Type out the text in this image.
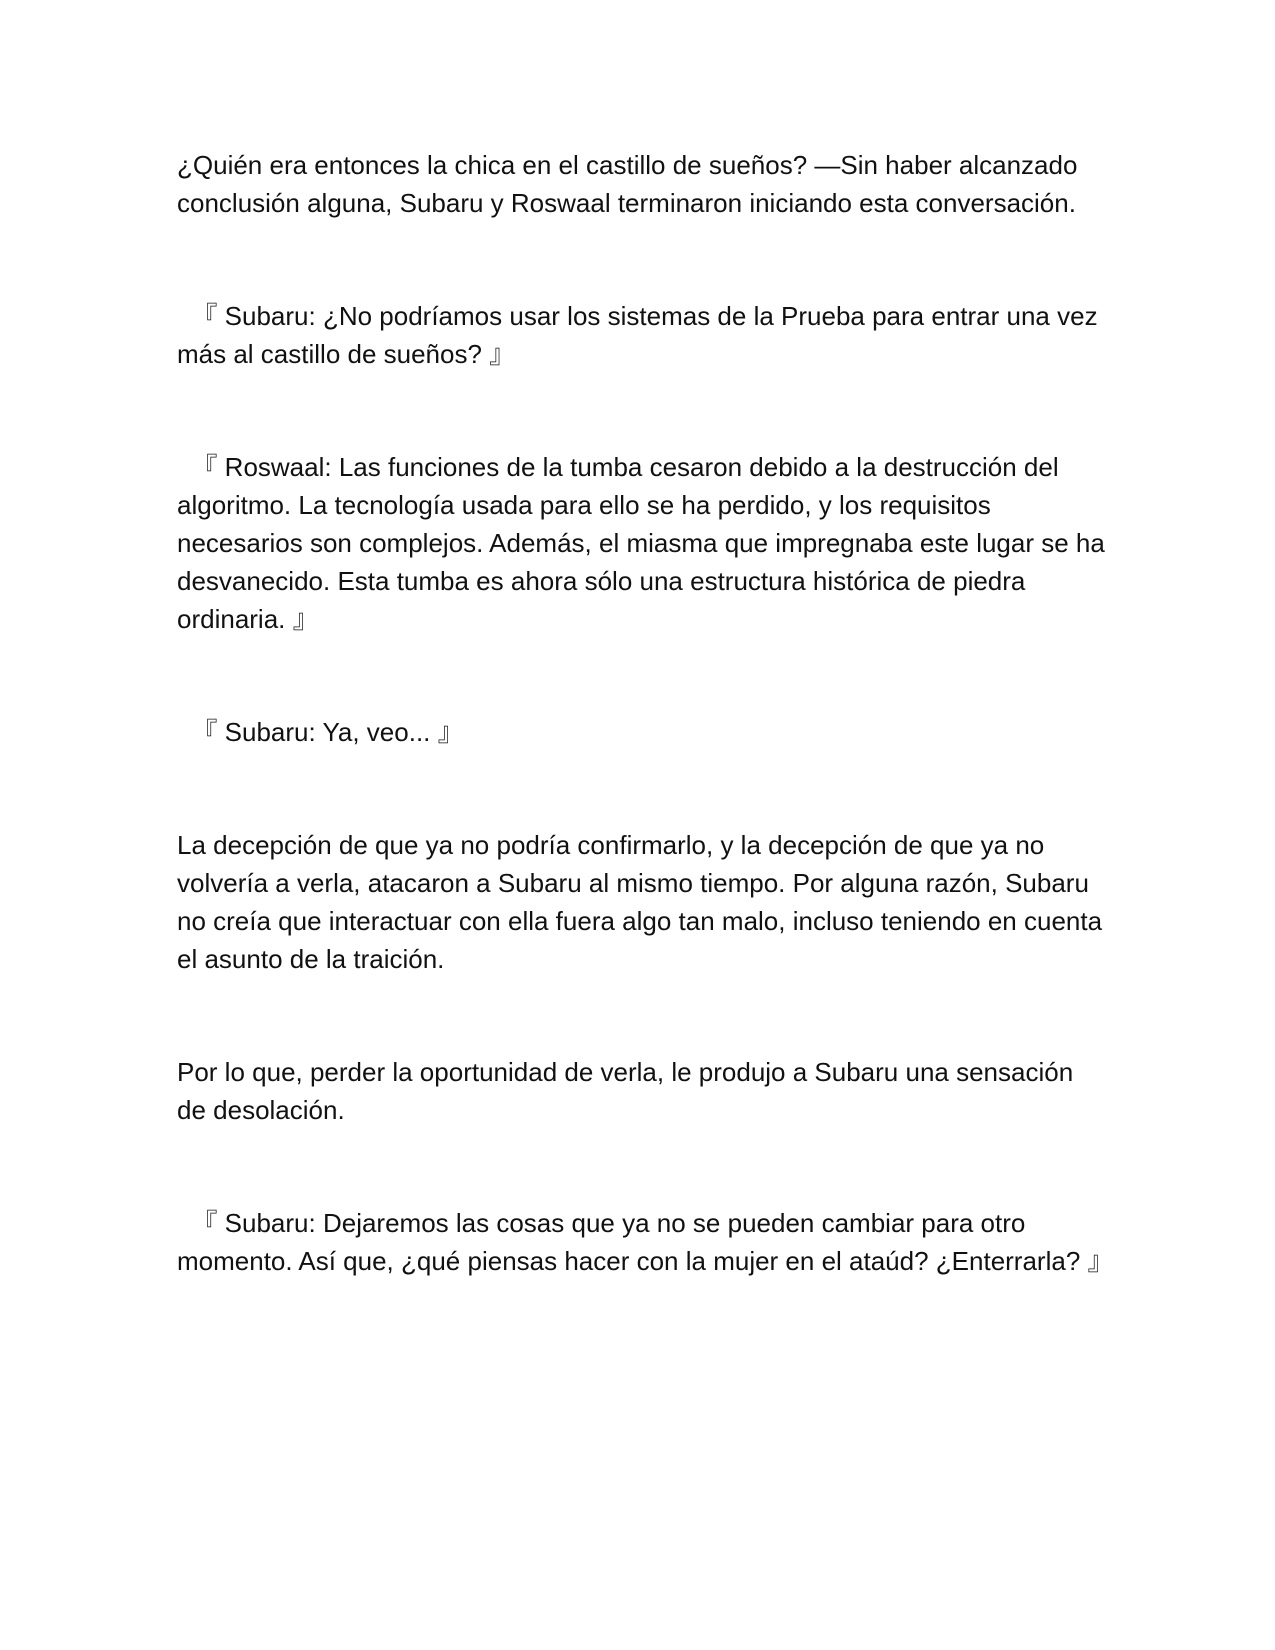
¿Quién era entonces la chica en el castillo de sueños? —Sin haber alcanzado conclusión alguna, Subaru y Roswaal terminaron iniciando esta conversación.

『 Subaru: ¿No podríamos usar los sistemas de la Prueba para entrar una vez más al castillo de sueños? 』

『 Roswaal: Las funciones de la tumba cesaron debido a la destrucción del algoritmo. La tecnología usada para ello se ha perdido, y los requisitos necesarios son complejos. Además, el miasma que impregnaba este lugar se ha desvanecido. Esta tumba es ahora sólo una estructura histórica de piedra ordinaria. 』

『 Subaru: Ya, veo... 』

La decepción de que ya no podría confirmarlo, y la decepción de que ya no volvería a verla, atacaron a Subaru al mismo tiempo. Por alguna razón, Subaru no creía que interactuar con ella fuera algo tan malo, incluso teniendo en cuenta el asunto de la traición.

Por lo que, perder la oportunidad de verla, le produjo a Subaru una sensación de desolación.

『 Subaru: Dejaremos las cosas que ya no se pueden cambiar para otro momento. Así que, ¿qué piensas hacer con la mujer en el ataúd? ¿Enterrarla? 』
